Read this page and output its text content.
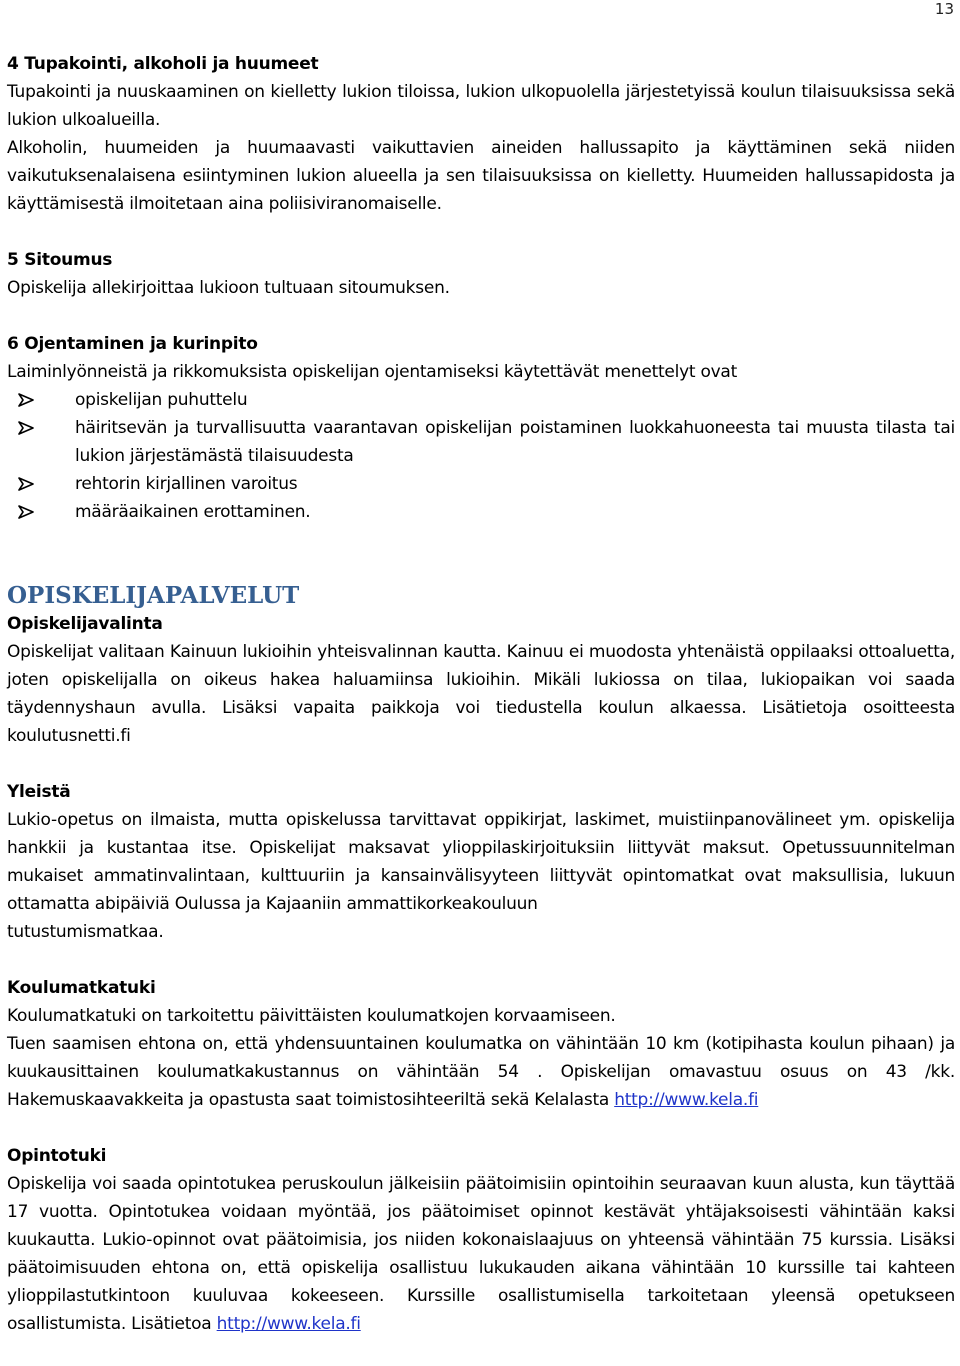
13
4 Tupakointi, alkoholi ja huumeet
Tupakointi ja nuuskaaminen on kielletty lukion tiloissa, lukion ulkopuolella järjestetyissä koulun tilaisuuksissa sekä lukion ulkoalueilla.
Alkoholin, huumeiden ja huumaavasti vaikuttavien aineiden hallussapito ja käyttäminen sekä niiden vaikutuksenalaisena esiintyminen lukion alueella ja sen tilaisuuksissa on kielletty. Huumeiden hallussapidosta ja käyttämisestä ilmoitetaan aina poliisiviranomaiselle.
5 Sitoumus
Opiskelija allekirjoittaa lukioon tultuaan sitoumuksen.
6 Ojentaminen ja kurinpito
Laiminlyönneistä ja rikkomuksista opiskelijan ojentamiseksi käytettävät menettelyt ovat
opiskelijan puhuttelu
häiritsevän ja turvallisuutta vaarantavan opiskelijan poistaminen luokkahuoneesta tai muusta tilasta tai lukion järjestämästä tilaisuudesta
rehtorin kirjallinen varoitus
määräaikainen erottaminen.
OPISKELIJAPALVELUT
Opiskelijavalinta
Opiskelijat valitaan Kainuun lukioihin yhteisvalinnan kautta. Kainuu ei muodosta yhtenäistä oppilaaksi ottoaluetta, joten opiskelijalla on oikeus hakea haluamiinsa lukioihin. Mikäli lukiossa on tilaa, lukiopaikan voi saada täydennyshaun avulla. Lisäksi vapaita paikkoja voi tiedustella koulun alkaessa. Lisätietoja osoitteesta koulutusnetti.fi
Yleistä
Lukio-opetus on ilmaista, mutta opiskelussa tarvittavat oppikirjat, laskimet, muistiinpanovälineet ym. opiskelija hankkii ja kustantaa itse. Opiskelijat maksavat ylioppilaskirjoituksiin liittyvät maksut. Opetussuunnitelman mukaiset ammatinvalintaan, kulttuuriin ja kansainvälisyyteen liittyvät opintomatkat ovat maksullisia, lukuun ottamatta abipäiviä Oulussa ja Kajaaniin ammattikorkeakouluun
tutustumismatkaa.
Koulumatkatuki
Koulumatkatuki on tarkoitettu päivittäisten koulumatkojen korvaamiseen.
Tuen saamisen ehtona on, että yhdensuuntainen koulumatka on vähintään 10 km (kotipihasta koulun pihaan) ja kuukausittainen koulumatkakustannus on vähintään 54 . Opiskelijan omavastuu osuus on 43 /kk. Hakemuskaavakkeita ja opastusta saat toimistosihteeriltä sekä Kelalasta http://www.kela.fi
Opintotuki
Opiskelija voi saada opintotukea peruskoulun jälkeisiin päätoimisiin opintoihin seuraavan kuun alusta, kun täyttää 17 vuotta. Opintotukea voidaan myöntää, jos päätoimiset opinnot kestävät yhtäjaksoisesti vähintään kaksi kuukautta. Lukio-opinnot ovat päätoimisia, jos niiden kokonaislaajuus on yhteensä vähintään 75 kurssia. Lisäksi päätoimisuuden ehtona on, että opiskelija osallistuu lukukauden aikana vähintään 10 kurssille tai kahteen ylioppilastutkintoon kuuluvaa kokeeseen. Kurssille osallistumisella tarkoitetaan yleensä opetukseen osallistumista. Lisätietoa http://www.kela.fi
